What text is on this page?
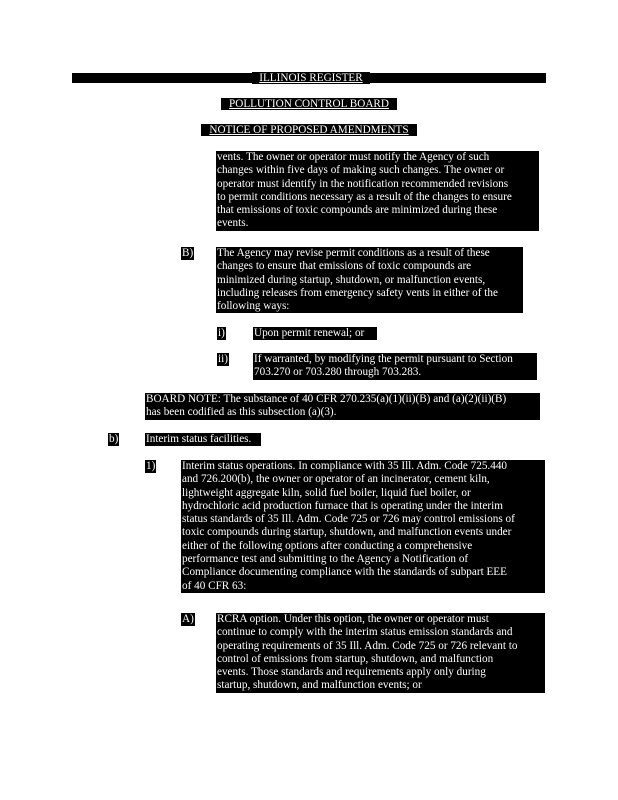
ILLINOIS REGISTER
POLLUTION CONTROL BOARD
NOTICE OF PROPOSED AMENDMENTS
vents. The owner or operator must notify the Agency of such
changes within five days of making such changes. The owner or
operator must identify in the notification recommended revisions
to permit conditions necessary as a result of the changes to ensure
that emissions of toxic compounds are minimized during these
events.
B) The Agency may revise permit conditions as a result of these
changes to ensure that emissions of toxic compounds are
minimized during startup, shutdown, or malfunction events,
including releases from emergency safety vents in either of the
following ways:
i)	Upon permit renewal; or
ii) If warranted, by modifying the permit pursuant to Section
703.270 or 703.280 through 703.283.
BOARD NOTE: The substance of 40 CFR 270.235(a)(1)(ii)(B) and (a)(2)(ii)(B)
has been codified as this subsection (a)(3).
b) Interim status facilities.
1) Interim status operations. In compliance with 35 Ill. Adm. Code 725.440
and 726.200(b), the owner or operator of an incinerator, cement kiln,
lightweight aggregate kiln, solid fuel boiler, liquid fuel boiler, or
hydrochloric acid production furnace that is operating under the interim
status standards of 35 Ill. Adm. Code 725 or 726 may control emissions of
toxic compounds during startup, shutdown, and malfunction events under
either of the following options after conducting a comprehensive
performance test and submitting to the Agency a Notification of
Compliance documenting compliance with the standards of subpart EEE
of 40 CFR 63:
A) RCRA option. Under this option, the owner or operator must
continue to comply with the interim status emission standards and
operating requirements of 35 Ill. Adm. Code 725 or 726 relevant to
control of emissions from startup, shutdown, and malfunction
events. Those standards and requirements apply only during
startup, shutdown, and malfunction events; or
